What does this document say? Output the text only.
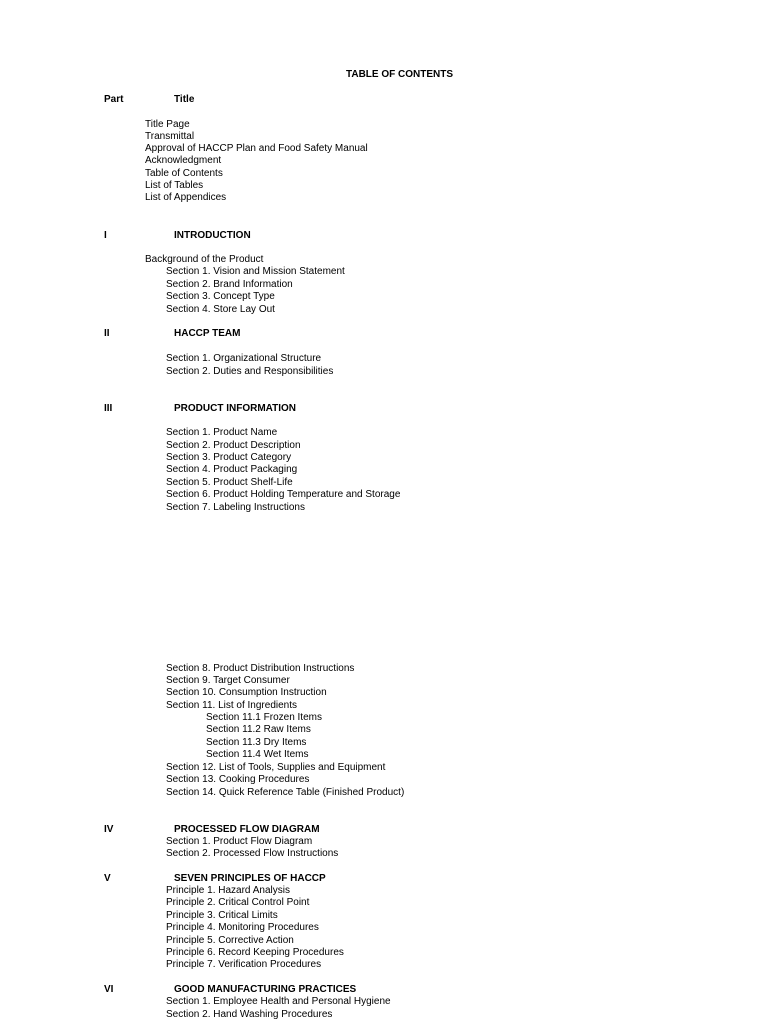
TABLE OF CONTENTS
Part	Title
Title Page
Transmittal
Approval of HACCP Plan and Food Safety Manual
Acknowledgment
Table of Contents
List of Tables
List of Appendices
I	INTRODUCTION
Background of the Product
Section 1. Vision and Mission Statement
Section 2. Brand Information
Section 3. Concept Type
Section 4. Store Lay Out
II	HACCP TEAM
Section 1. Organizational Structure
Section 2. Duties and Responsibilities
III	PRODUCT INFORMATION
Section 1. Product Name
Section 2. Product Description
Section 3. Product Category
Section 4. Product Packaging
Section 5. Product Shelf-Life
Section 6. Product Holding Temperature and Storage
Section 7. Labeling Instructions
Section 8. Product Distribution Instructions
Section 9. Target Consumer
Section 10. Consumption Instruction
Section 11. List of Ingredients
Section 11.1 Frozen Items
Section 11.2 Raw Items
Section 11.3 Dry Items
Section 11.4 Wet Items
Section 12. List of Tools, Supplies and Equipment
Section 13. Cooking Procedures
Section 14. Quick Reference Table (Finished Product)
IV	PROCESSED FLOW DIAGRAM
Section 1. Product Flow Diagram
Section 2. Processed Flow Instructions
V	SEVEN PRINCIPLES OF HACCP
Principle 1. Hazard Analysis
Principle 2. Critical Control Point
Principle 3. Critical Limits
Principle 4. Monitoring Procedures
Principle 5. Corrective Action
Principle 6. Record Keeping Procedures
Principle 7. Verification Procedures
VI	GOOD MANUFACTURING PRACTICES
Section 1. Employee Health and Personal Hygiene
Section 2. Hand Washing Procedures
